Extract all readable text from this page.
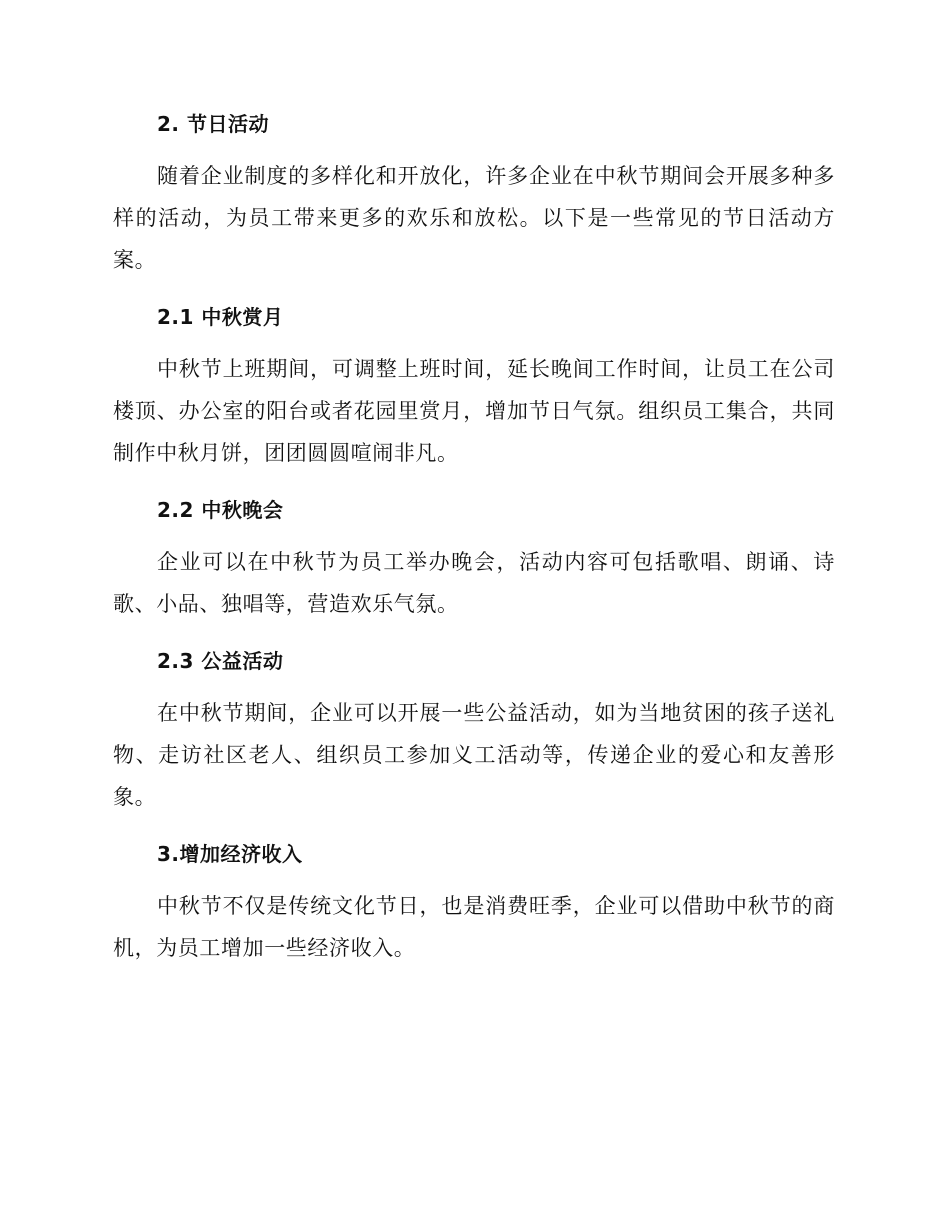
2. 节日活动

随着企业制度的多样化和开放化，许多企业在中秋节期间会开展多种多样的活动，为员工带来更多的欢乐和放松。以下是一些常见的节日活动方案。

2.1 中秋赏月

中秋节上班期间，可调整上班时间，延长晚间工作时间，让员工在公司楼顶、办公室的阳台或者花园里赏月，增加节日气氛。组织员工集合，共同制作中秋月饼，团团圆圆喧闹非凡。

2.2 中秋晚会

企业可以在中秋节为员工举办晚会，活动内容可包括歌唱、朗诵、诗歌、小品、独唱等，营造欢乐气氛。

2.3 公益活动

在中秋节期间，企业可以开展一些公益活动，如为当地贫困的孩子送礼物、走访社区老人、组织员工参加义工活动等，传递企业的爱心和友善形象。

3.增加经济收入

中秋节不仅是传统文化节日，也是消费旺季，企业可以借助中秋节的商机，为员工增加一些经济收入。
